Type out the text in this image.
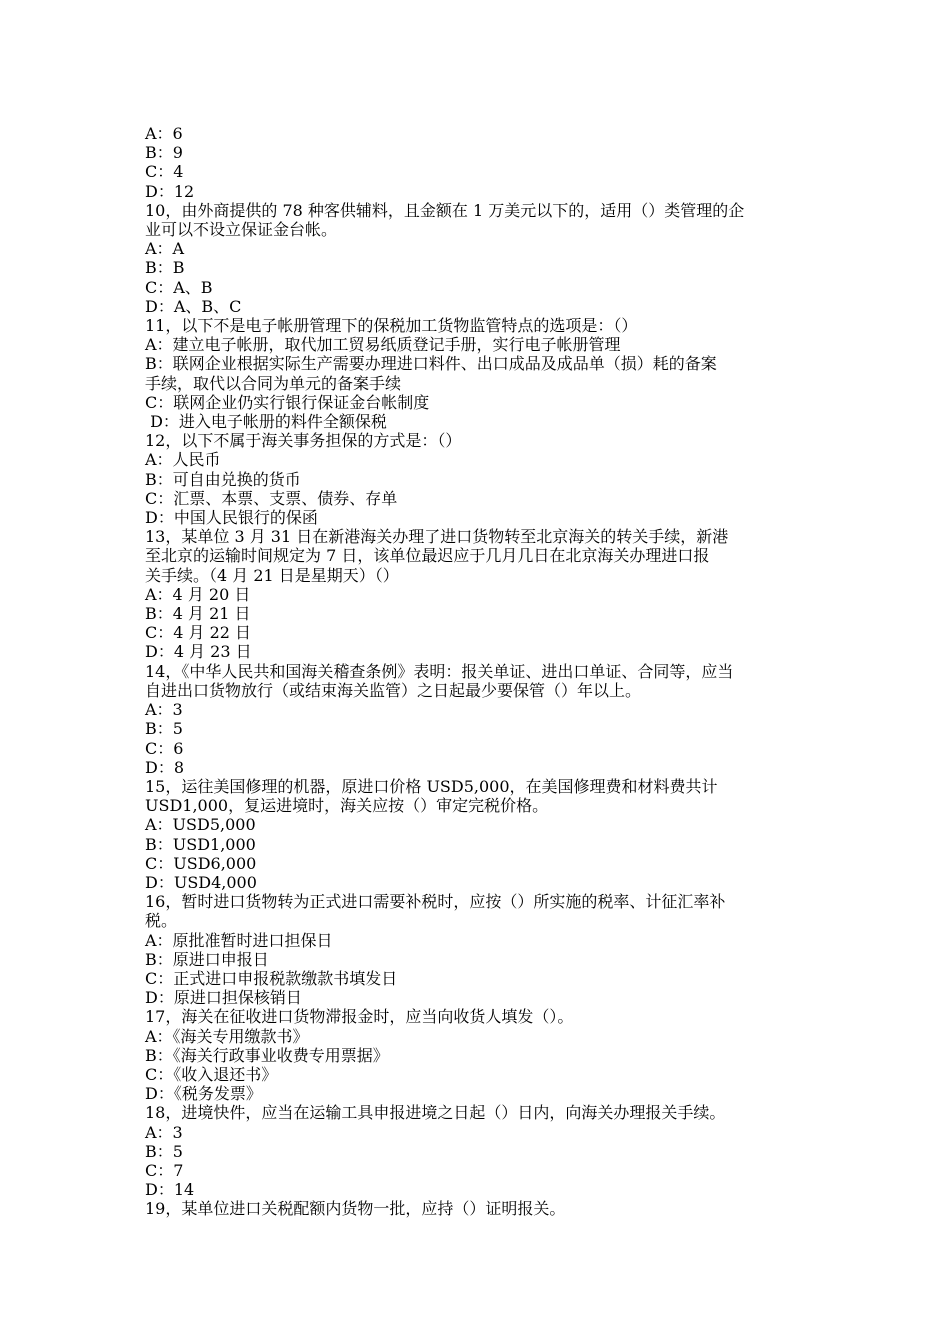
A：6
B：9
C：4
D：12
10，由外商提供的 78 种客供辅料，且金额在 1 万美元以下的，适用（）类管理的企
业可以不设立保证金台帐。
A：A
B：B
C：A、B
D：A、B、C
11，以下不是电子帐册管理下的保税加工货物监管特点的选项是：（）
A：建立电子帐册，取代加工贸易纸质登记手册，实行电子帐册管理
B：联网企业根据实际生产需要办理进口料件、出口成品及成品单（损）耗的备案
手续，取代以合同为单元的备案手续
C：联网企业仍实行银行保证金台帐制度
D：进入电子帐册的料件全额保税
12，以下不属于海关事务担保的方式是：（）
A：人民币
B：可自由兑换的货币
C：汇票、本票、支票、债券、存单
D：中国人民银行的保函
13，某单位 3 月 31 日在新港海关办理了进口货物转至北京海关的转关手续，新港
至北京的运输时间规定为 7 日，该单位最迟应于几月几日在北京海关办理进口报
关手续。（4 月 21 日是星期天）（）
A：4 月 20 日
B：4 月 21 日
C：4 月 22 日
D：4 月 23 日
14，《中华人民共和国海关稽查条例》表明：报关单证、进出口单证、合同等，应当
自进出口货物放行（或结束海关监管）之日起最少要保管（）年以上。
A：3
B：5
C：6
D：8
15，运往美国修理的机器，原进口价格 USD5,000，在美国修理费和材料费共计
USD1,000，复运进境时，海关应按（）审定完税价格。
A：USD5,000
B：USD1,000
C：USD6,000
D：USD4,000
16，暂时进口货物转为正式进口需要补税时，应按（）所实施的税率、计征汇率补
税。
A：原批准暂时进口担保日
B：原进口申报日
C：正式进口申报税款缴款书填发日
D：原进口担保核销日
17，海关在征收进口货物滞报金时，应当向收货人填发（）。
A：《海关专用缴款书》
B：《海关行政事业收费专用票据》
C：《收入退还书》
D：《税务发票》
18，进境快件，应当在运输工具申报进境之日起（）日内，向海关办理报关手续。
A：3
B：5
C：7
D：14
19，某单位进口关税配额内货物一批，应持（）证明报关。
